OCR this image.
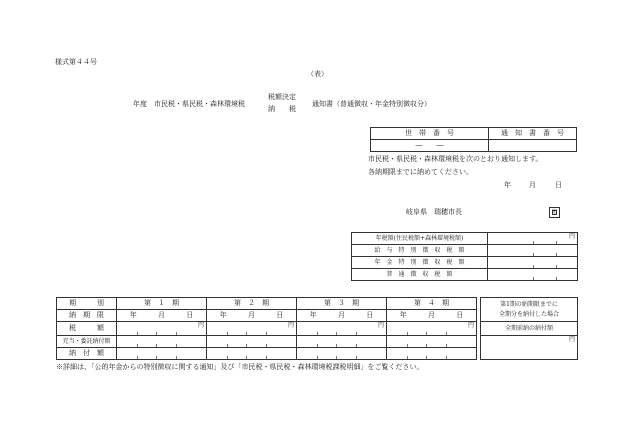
様式第４４号
（表）
年度　市民税・県民税・森林環境税
税額決定
納　　税
通知書（普通徴収・年金特別徴収分）
世　帯　番　号	通　知　書　番　号
―　　―	
市民税・県民税・森林環境税を次のとおり通知します。
各納期限までに納めてください。
年	月	日
岐阜県 瑞穂市長	印
年税額(住民税額+森林環境税額)	円

給　与　特　別　徴　収　税　額	

年　金　特　別　徴　収　税　額	

普　通　徴　収　税　額	
期　　　別	第　１　期	第　２　期	第　３　期	第　４　期
納　期　限	年 月 日	年 月 日	年 月 日	年 月 日

税　　　額	円	円	円	円

充当・委託納付額	

納　付　額	

第1期の納期限までに
全期分を納付した場合

全期前納の納付額

円
※詳細は、「公的年金からの特別徴収に関する通知」及び「市民税・県民税・森林環境税課税明細」をご覧ください。
